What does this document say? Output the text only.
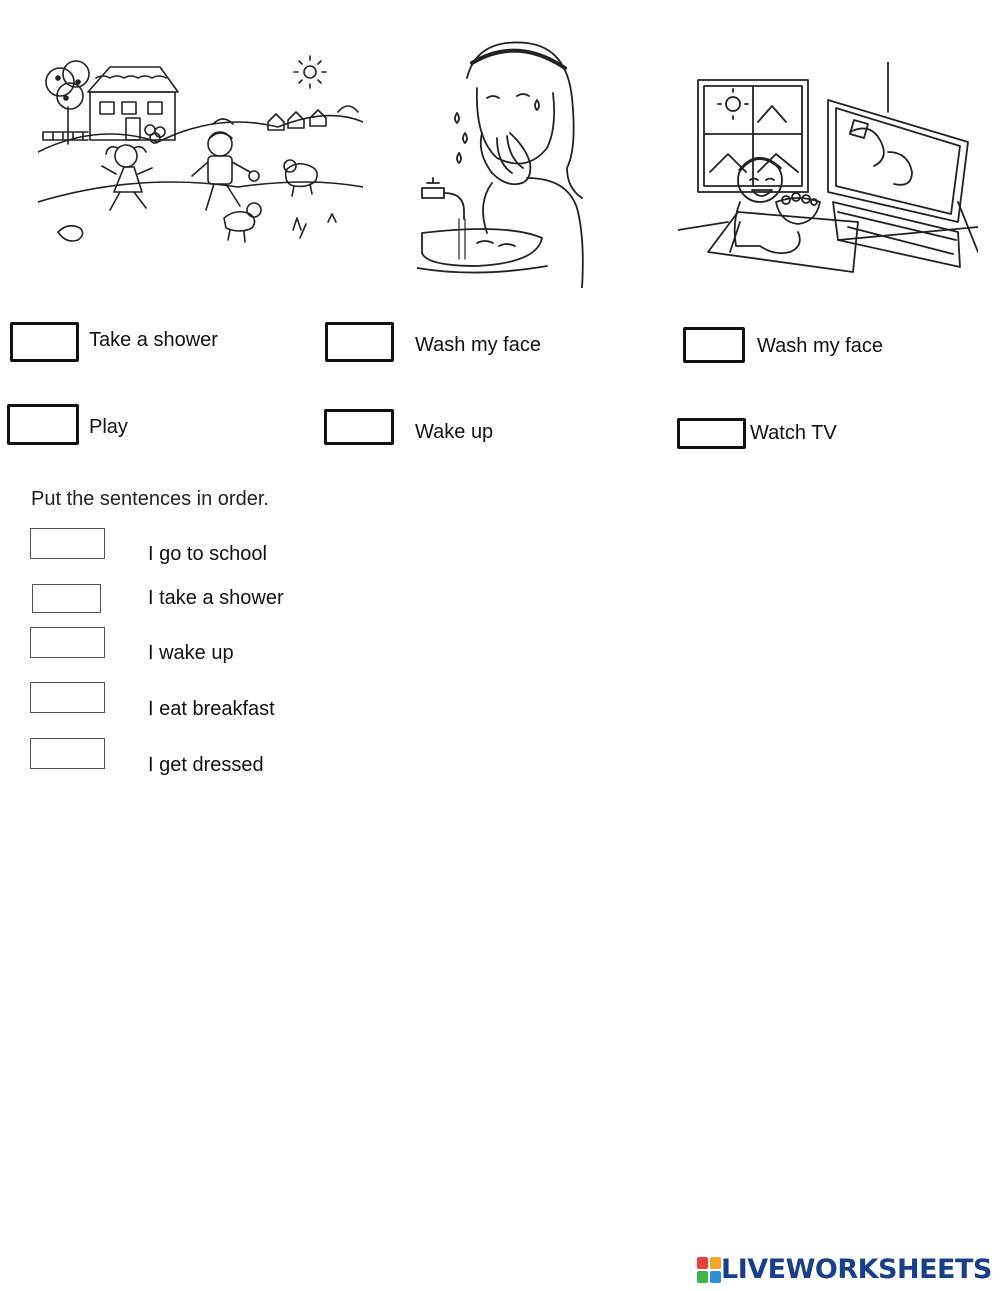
Take a shower	Wash my face	Wash my face
Play	Wake up	Watch TV
Put the sentences in order.
I go to school
I take a shower
I wake up
I eat breakfast
I get dressed
LIVEWORKSHEETS
